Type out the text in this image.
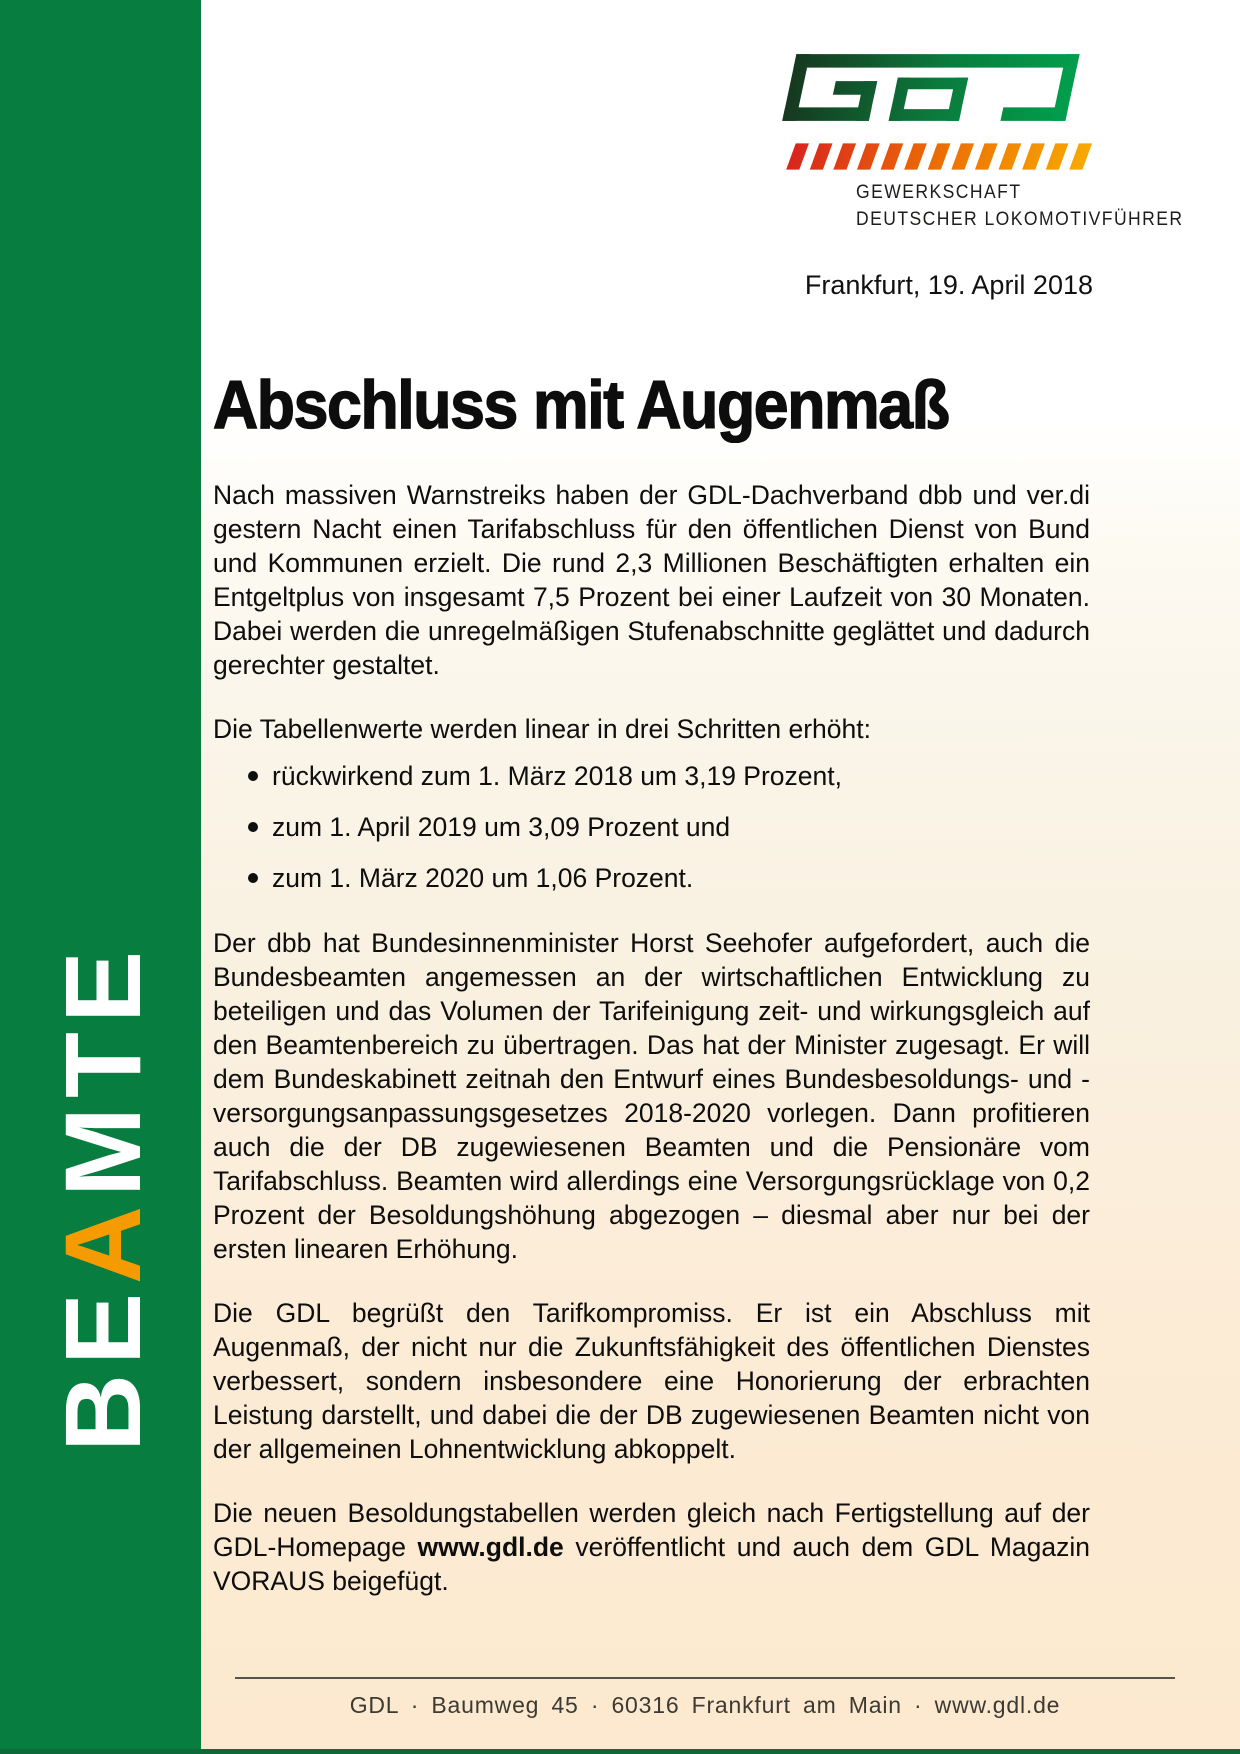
BEAMTE
GEWERKSCHAFT
DEUTSCHER LOKOMOTIVFÜHRER
Frankfurt, 19. April 2018
Abschluss mit Augenmaß

Nach massiven Warnstreiks haben der GDL-Dachverband dbb und ver.di gestern Nacht einen Tarifabschluss für den öffentlichen Dienst von Bund und Kommunen erzielt. Die rund 2,3 Millionen Beschäftigten erhalten ein Entgeltplus von insgesamt 7,5 Prozent bei einer Laufzeit von 30 Monaten. Dabei werden die unregelmäßigen Stufenabschnitte geglättet und dadurch gerechter gestaltet.

Die Tabellenwerte werden linear in drei Schritten erhöht:

rückwirkend zum 1. März 2018 um 3,19 Prozent,
zum 1. April 2019 um 3,09 Prozent und
zum 1. März 2020 um 1,06 Prozent.

Der dbb hat Bundesinnenminister Horst Seehofer aufgefordert, auch die Bundesbeamten angemessen an der wirtschaftlichen Entwicklung zu beteiligen und das Volumen der Tarifeinigung zeit- und wirkungsgleich auf den Beamtenbereich zu übertragen. Das hat der Minister zugesagt. Er will dem Bundeskabinett zeitnah den Entwurf eines Bundesbesoldungs- und -versorgungsanpassungsgesetzes 2018-2020 vorlegen. Dann profitieren auch die der DB zugewiesenen Beamten und die Pensionäre vom Tarifabschluss. Beamten wird allerdings eine Versorgungsrücklage von 0,2 Prozent der Besoldungshöhung abgezogen – diesmal aber nur bei der ersten linearen Erhöhung.

Die GDL begrüßt den Tarifkompromiss. Er ist ein Abschluss mit Augenmaß, der nicht nur die Zukunftsfähigkeit des öffentlichen Dienstes verbessert, sondern insbesondere eine Honorierung der erbrachten Leistung darstellt, und dabei die der DB zugewiesenen Beamten nicht von der allgemeinen Lohnentwicklung abkoppelt.

Die neuen Besoldungstabellen werden gleich nach Fertigstellung auf der GDL-Homepage www.gdl.de veröffentlicht und auch dem GDL Magazin VORAUS beigefügt.

GDL · Baumweg 45 · 60316 Frankfurt am Main · www.gdl.de
